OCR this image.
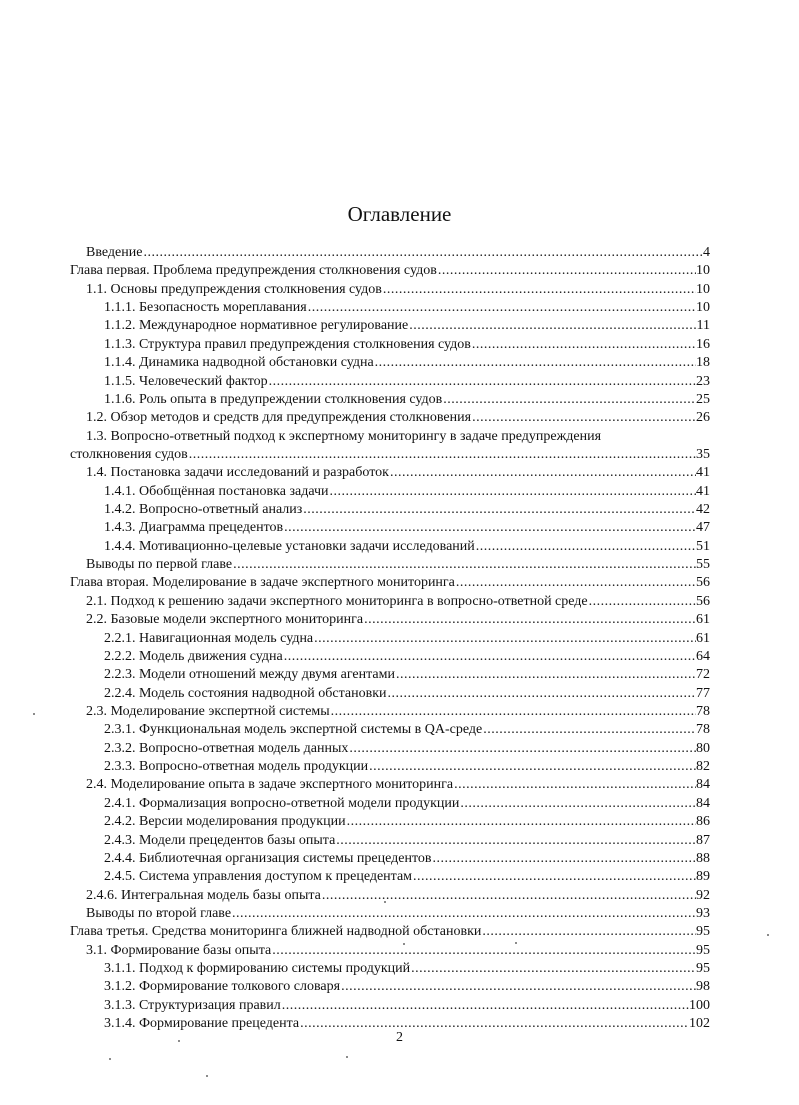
Оглавление
Введение .....	4
Глава первая. Проблема предупреждения столкновения судов .....	10
1.1. Основы предупреждения столкновения судов .....	10
1.1.1. Безопасность мореплавания .....	10
1.1.2. Международное нормативное регулирование .....	11
1.1.3. Структура правил предупреждения столкновения судов .....	16
1.1.4. Динамика надводной обстановки судна .....	18
1.1.5. Человеческий фактор .....	23
1.1.6. Роль опыта в предупреждении столкновения судов .....	25
1.2. Обзор методов и средств для предупреждения столкновения .....	26
1.3. Вопросно-ответный подход к экспертному мониторингу в задаче предупреждения
столкновения судов .....	35
1.4. Постановка задачи исследований и разработок .....	41
1.4.1. Обобщённая постановка задачи .....	41
1.4.2. Вопросно-ответный анализ .....	42
1.4.3. Диаграмма прецедентов .....	47
1.4.4. Мотивационно-целевые установки задачи исследований .....	51
Выводы по первой главе .....	55
Глава вторая. Моделирование в задаче экспертного мониторинга .....	56
2.1. Подход к решению задачи экспертного мониторинга в вопросно-ответной среде .....	56
2.2. Базовые модели экспертного мониторинга .....	61
2.2.1. Навигационная модель судна .....	61
2.2.2. Модель движения судна .....	64
2.2.3. Модели отношений между двумя агентами .....	72
2.2.4. Модель состояния надводной обстановки .....	77
2.3. Моделирование экспертной системы .....	78
2.3.1. Функциональная модель экспертной системы в QA-среде .....	78
2.3.2. Вопросно-ответная модель данных .....	80
2.3.3. Вопросно-ответная модель продукции .....	82
2.4. Моделирование опыта в задаче экспертного мониторинга .....	84
2.4.1. Формализация вопросно-ответной модели продукции .....	84
2.4.2. Версии моделирования продукции .....	86
2.4.3. Модели прецедентов базы опыта .....	87
2.4.4. Библиотечная организация системы прецедентов .....	88
2.4.5. Система управления доступом к прецедентам .....	89
2.4.6. Интегральная модель базы опыта .....	92
Выводы по второй главе .....	93
Глава третья. Средства мониторинга ближней надводной обстановки .....	95
3.1. Формирование базы опыта .....	95
3.1.1. Подход к формированию системы продукций .....	95
3.1.2. Формирование толкового словаря .....	98
3.1.3. Структуризация правил .....	100
3.1.4. Формирование прецедента .....	102
2
